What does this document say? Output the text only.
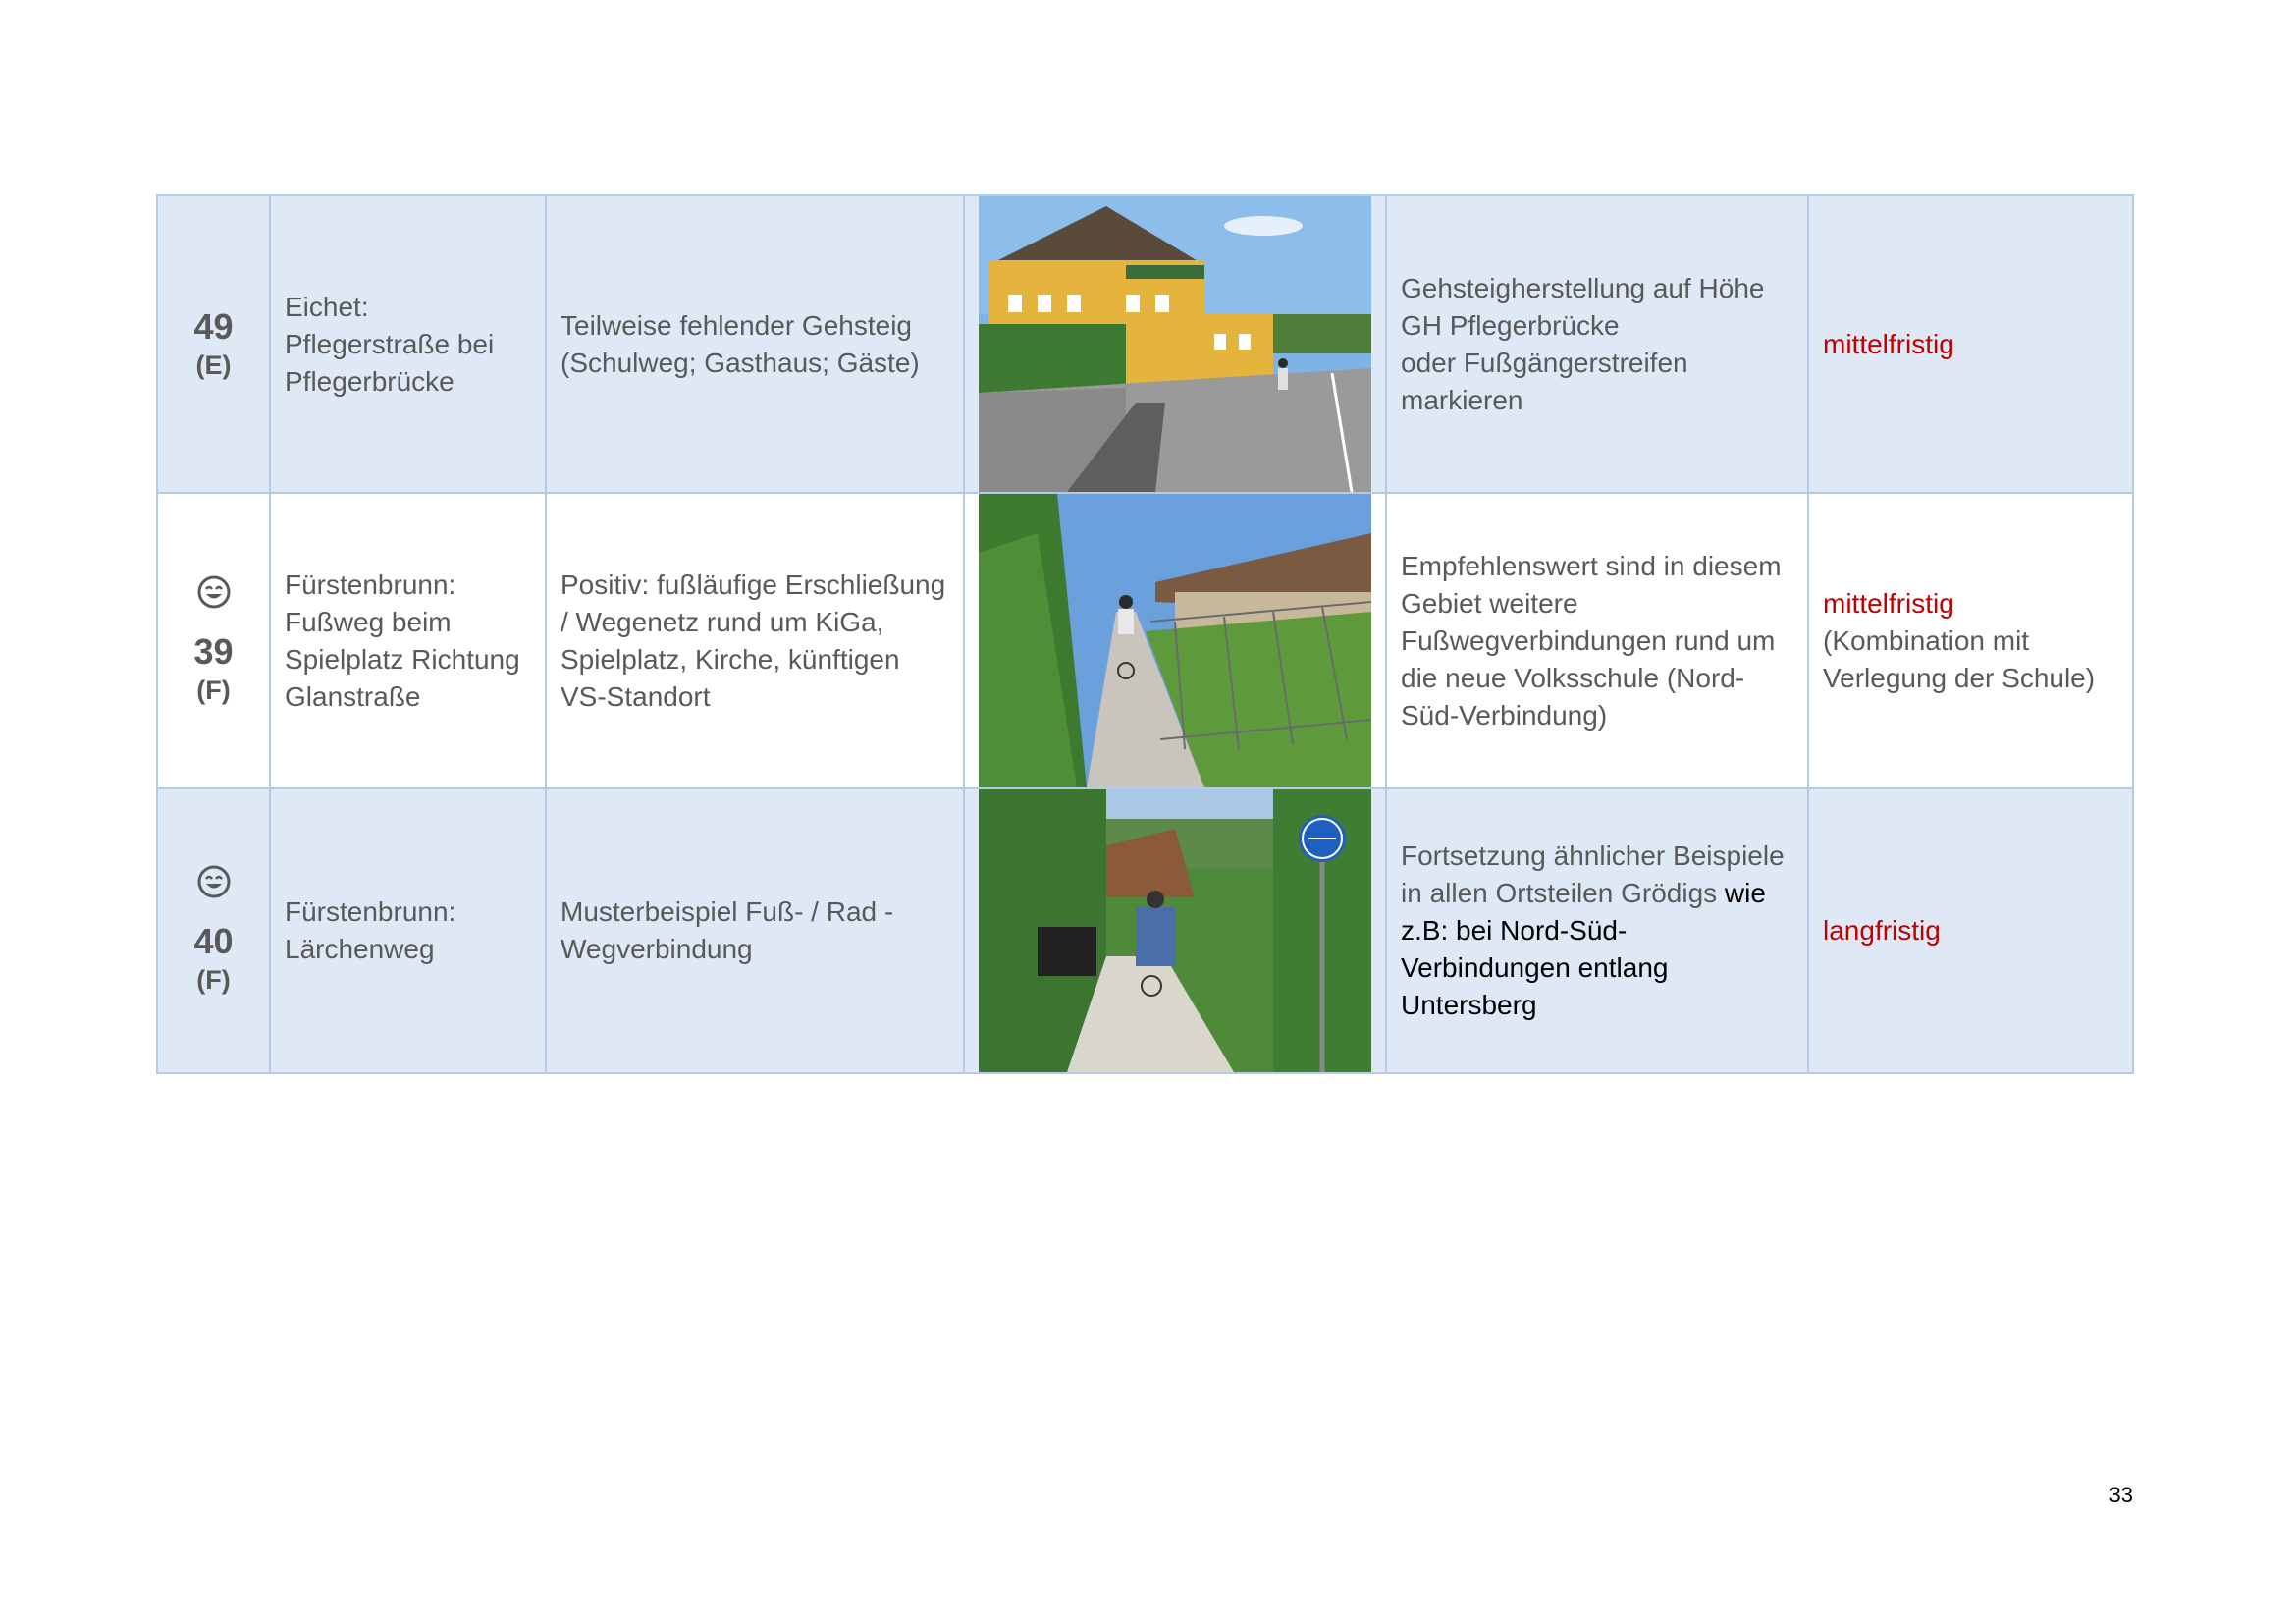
49
(E)	Eichet:
Pflegerstraße bei
Pflegerbrücke	Teilweise fehlender Gehsteig
(Schulweg; Gasthaus; Gäste)		Gehsteigherstellung auf Höhe
GH Pflegerbrücke
oder Fußgängerstreifen
markieren	mittelfristig

39
(F)	Fürstenbrunn:
Fußweg beim
Spielplatz Richtung
Glanstraße	Positiv: fußläufige Erschließung
/ Wegenetz rund um KiGa,
Spielplatz, Kirche, künftigen
VS-Standort		Empfehlenswert sind in diesem
Gebiet weitere
Fußwegverbindungen rund um
die neue Volksschule (Nord-
Süd-Verbindung)	mittelfristig
(Kombination mit
Verlegung der Schule)

40
(F)	Fürstenbrunn:
Lärchenweg	Musterbeispiel Fuß- / Rad -
Wegverbindung		Fortsetzung ähnlicher Beispiele
in allen Ortsteilen Grödigs wie
z.B: bei Nord-Süd-
Verbindungen entlang
Untersberg	langfristig
33
